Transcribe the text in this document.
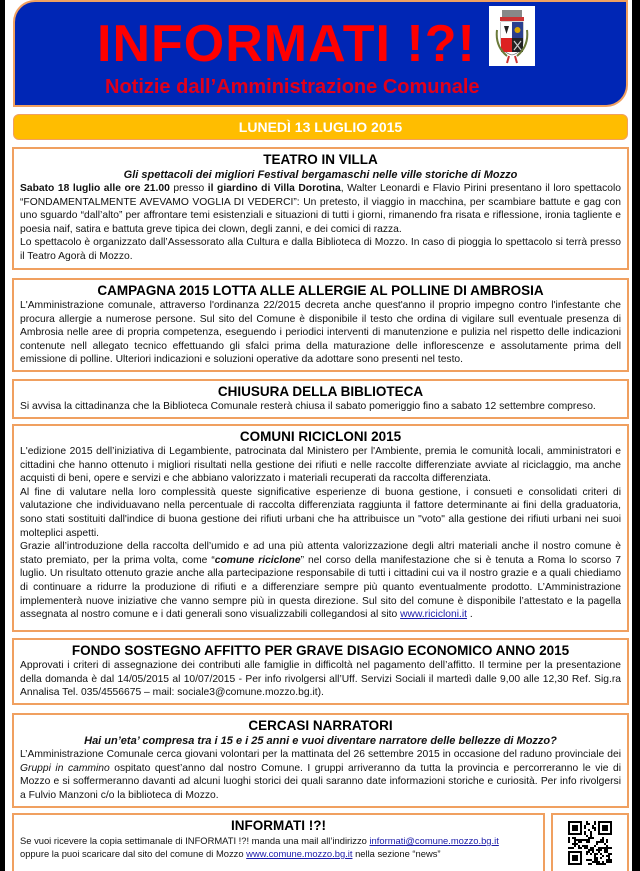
INFORMATI !?!
Notizie dall’Amministrazione Comunale
LUNEDÌ 13 LUGLIO 2015
TEATRO IN VILLA
Gli spettacoli dei migliori Festival bergamaschi nelle ville storiche di Mozzo

Sabato 18 luglio alle ore 21.00 presso il giardino di Villa Dorotina, Walter Leonardi e Flavio Pirini presentano il loro spettacolo “FONDAMENTALMENTE AVEVAMO VOGLIA DI VEDERCI”: Un pretesto, il viaggio in macchina, per scambiare battute e gag con uno sguardo “dall’alto” per affrontare temi esistenziali e situazioni di tutti i giorni, rimanendo fra risata e riflessione, ironia tagliente e poesia naif, satira e battuta greve tipica dei clown, degli zanni, e dei comici di razza.

Lo spettacolo è organizzato dall’Assessorato alla Cultura e dalla Biblioteca di Mozzo. In caso di pioggia lo spettacolo si terrà presso il Teatro Agorà di Mozzo.

CAMPAGNA 2015 LOTTA ALLE ALLERGIE AL POLLINE DI AMBROSIA

L'Amministrazione comunale, attraverso l'ordinanza 22/2015 decreta anche quest'anno il proprio impegno contro l'infestante che procura allergie a numerose persone. Sul sito del Comune è disponibile il testo che ordina di vigilare sull eventuale presenza di Ambrosia nelle aree di propria competenza, eseguendo i periodici interventi di manutenzione e pulizia nel rispetto delle indicazioni contenute nell allegato tecnico effettuando gli sfalci prima della maturazione delle inflorescenze e assolutamente prima dell emissione di polline. Ulteriori indicazioni e soluzioni operative da adottare sono presenti nel testo.

CHIUSURA DELLA BIBLIOTECA

Si avvisa la cittadinanza che la Biblioteca Comunale resterà chiusa il sabato pomeriggio fino a sabato 12 settembre compreso.

COMUNI RICICLONI 2015

L'edizione 2015 dell’iniziativa di Legambiente, patrocinata dal Ministero per l'Ambiente, premia le comunità locali, amministratori e cittadini che hanno ottenuto i migliori risultati nella gestione dei rifiuti e nelle raccolte differenziate avviate al riciclaggio, ma anche acquisti di beni, opere e servizi e che abbiano valorizzato i materiali recuperati da raccolta differenziata.

Al fine di valutare nella loro complessità queste significative esperienze di buona gestione, i consueti e consolidati criteri di valutazione che individuavano nella percentuale di raccolta differenziata raggiunta il fattore determinante ai fini della graduatoria, sono stati sostituiti dall'indice di buona gestione dei rifiuti urbani che ha attribuisce un "voto" alla gestione dei rifiuti urbani nei suoi molteplici aspetti.

Grazie all’introduzione della raccolta dell’umido e ad una più attenta valorizzazione degli altri materiali anche il nostro comune è stato premiato, per la prima volta, come “comune riciclone” nel corso della manifestazione che si è tenuta a Roma lo scorso 7 luglio. Un risultato ottenuto grazie anche alla partecipazione responsabile di tutti i cittadini cui va il nostro grazie e a quali chiediamo di continuare a ridurre la produzione di rifiuti e a differenziare sempre più quanto eventualmente prodotto. L’Amministrazione implementerà nuove iniziative che vanno sempre più in questa direzione. Sul sito del comune è disponibile l’attestato e la pagella assegnata al nostro comune e i dati generali sono visualizzabili collegandosi al sito www.ricicloni.it .

FONDO SOSTEGNO AFFITTO PER GRAVE DISAGIO ECONOMICO ANNO 2015

Approvati i criteri di assegnazione dei contributi alle famiglie in difficoltà nel pagamento dell’affitto. Il termine per la presentazione della domanda è dal 14/05/2015 al 10/07/2015 - Per info rivolgersi all’Uff. Servizi Sociali il martedì dalle 9,00 alle 12,30 Ref. Sig.ra Annalisa Tel. 035/4556675 – mail: sociale3@comune.mozzo.bg.it).

CERCASI NARRATORI
Hai un’eta’ compresa tra i 15 e i 25 anni e vuoi diventare narratore delle bellezze di Mozzo?

L’Amministrazione Comunale cerca giovani volontari per la mattinata del 26 settembre 2015 in occasione del raduno provinciale dei Gruppi in cammino ospitato quest’anno dal nostro Comune. I gruppi arriveranno da tutta la provincia e percorreranno le vie di Mozzo e si soffermeranno davanti ad alcuni luoghi storici dei quali saranno date informazioni storiche e curiosità. Per info rivolgersi a Fulvio Manzoni c/o la biblioteca di Mozzo.

INFORMATI !?!
Se vuoi ricevere la copia settimanale di INFORMATI !?! manda una mail all’indirizzo informati@comune.mozzo.bg.it
oppure la puoi scaricare dal sito del comune di Mozzo www.comune.mozzo.bg.it nella sezione “news”
